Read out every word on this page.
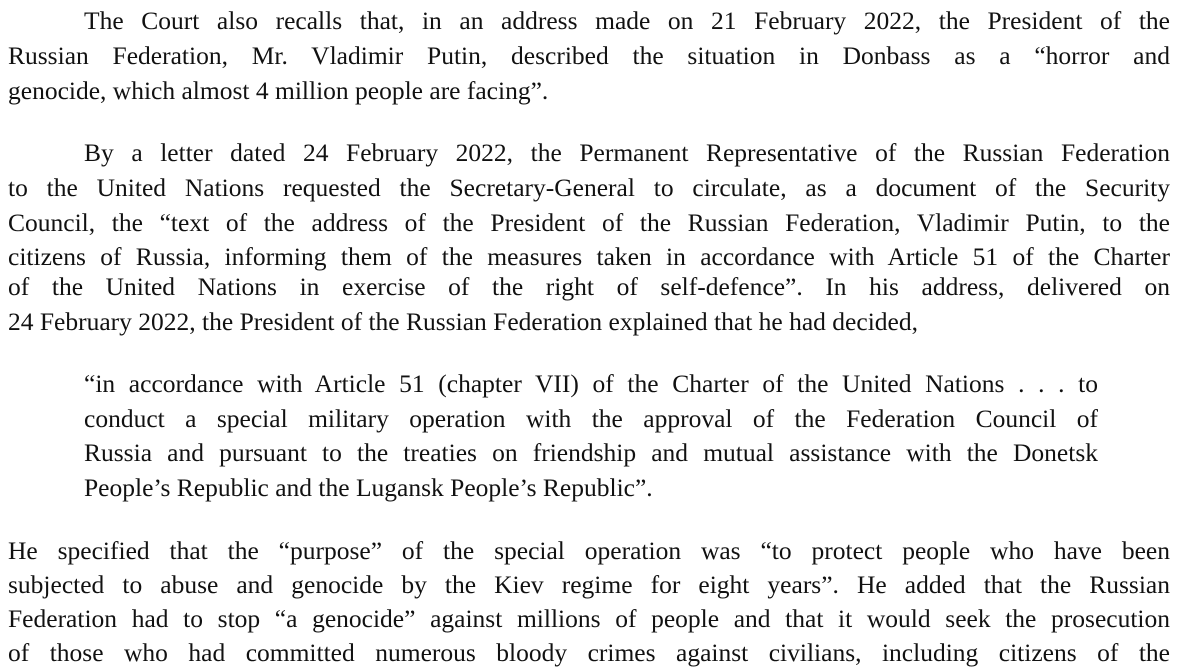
The Court also recalls that, in an address made on 21 February 2022, the President of the
Russian Federation, Mr. Vladimir Putin, described the situation in Donbass as a “horror and
genocide, which almost 4 million people are facing”.
By a letter dated 24 February 2022, the Permanent Representative of the Russian Federation
to the United Nations requested the Secretary-General to circulate, as a document of the Security
Council, the “text of the address of the President of the Russian Federation, Vladimir Putin, to the
citizens of Russia, informing them of the measures taken in accordance with Article 51 of the Charter
of the United Nations in exercise of the right of self-defence”. In his address, delivered on
24 February 2022, the President of the Russian Federation explained that he had decided,
“in accordance with Article 51 (chapter VII) of the Charter of the United Nations . . . to
conduct a special military operation with the approval of the Federation Council of
Russia and pursuant to the treaties on friendship and mutual assistance with the Donetsk
People’s Republic and the Lugansk People’s Republic”.
He specified that the “purpose” of the special operation was “to protect people who have been
subjected to abuse and genocide by the Kiev regime for eight years”. He added that the Russian
Federation had to stop “a genocide” against millions of people and that it would seek the prosecution
of those who had committed numerous bloody crimes against civilians, including citizens of the
